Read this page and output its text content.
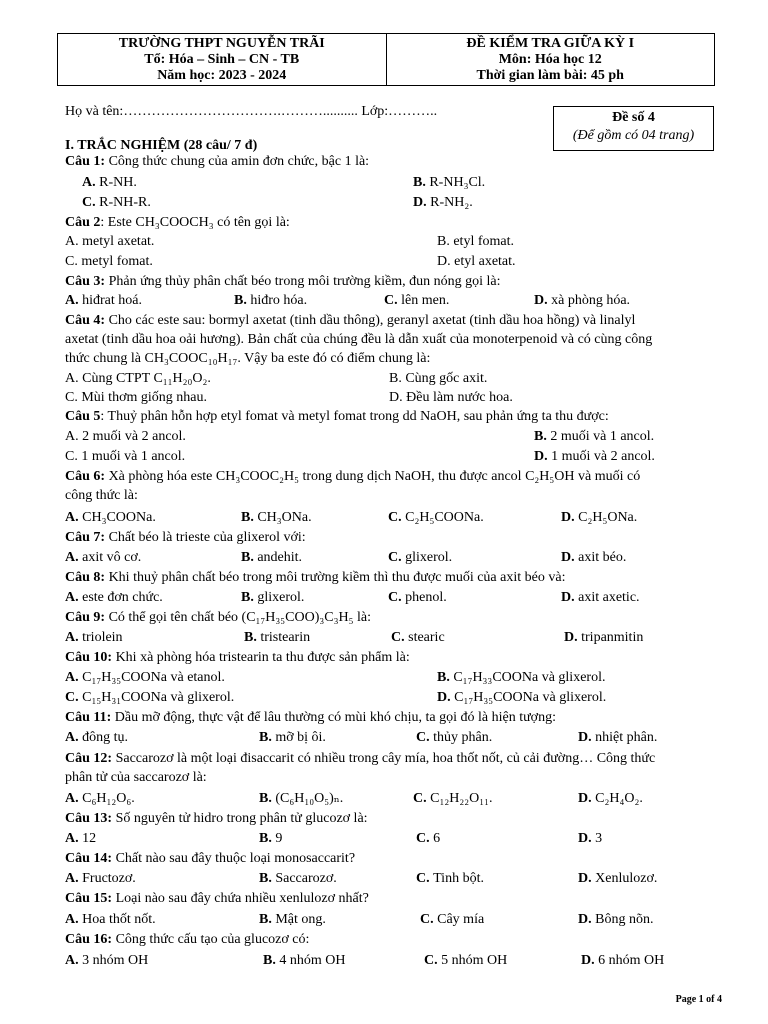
TRƯỜNG THPT NGUYỄN TRÃI
Tổ: Hóa – Sinh – CN - TB
Năm học: 2023 - 2024
ĐỀ KIỂM TRA GIỮA KỲ I
Môn: Hóa học 12
Thời gian làm bài: 45 ph
Họ và tên:…………………………….……….......... Lớp:………..	Đề số 4
(Để gồm có 04 trang)
I. TRẮC NGHIỆM (28 câu/ 7 đ)
Câu 1: Công thức chung của amin đơn chức, bậc 1 là:
A. R-NH.	B. R-NH₃Cl.
C. R-NH-R.	D. R-NH₂.
Câu 2: Este CH₃COOCH₃ có tên gọi là:
A. metyl axetat.	B. etyl fomat.
C. metyl fomat.	D. etyl axetat.
Câu 3: Phản ứng thủy phân chất béo trong môi trường kiềm, đun nóng gọi là:
A. hiđrat hoá.	B. hiđro hóa.	C. lên men.	D. xà phòng hóa.
Câu 4: Cho các este sau: bormyl axetat (tinh dầu thông), geranyl axetat (tinh dầu hoa hồng) và linalyl
axetat (tinh dầu hoa oải hương). Bản chất của chúng đều là dẫn xuất của monoterpenoid và có cùng công
thức chung là CH₃COOC₁₀H₁₇. Vậy ba este đó có điểm chung là:
A. Cùng CTPT C₁₁H₂₀O₂.	B. Cùng gốc axit.
C. Mùi thơm giống nhau.	D. Đều làm nước hoa.
Câu 5: Thuỷ phân hỗn hợp etyl fomat và metyl fomat trong dd NaOH, sau phản ứng ta thu được:
A. 2 muối và 2 ancol.	B. 2 muối và 1 ancol.
C. 1 muối và 1 ancol.	D. 1 muối và 2 ancol.
Câu 6: Xà phòng hóa este CH₃COOC₂H₅ trong dung dịch NaOH, thu được ancol C₂H₅OH và muối có
công thức là:
A. CH₃COONa.	B. CH₃ONa.	C. C₂H₅COONa.	D. C₂H₅ONa.
Câu 7: Chất béo là trieste của glixerol với:
A. axit vô cơ.	B. andehit.	C. glixerol.	D. axit béo.
Câu 8: Khi thuỷ phân chất béo trong môi trường kiềm thì thu được muối của axit béo và:
A. este đơn chức.	B. glixerol.	C. phenol.	D. axit axetic.
Câu 9: Có thể gọi tên chất béo (C₁₇H₃₅COO)₃C₃H₅ là:
A. triolein	B. tristearin	C. stearic	D. tripanmitin
Câu 10: Khi xà phòng hóa tristearin ta thu được sản phẩm là:
A. C₁₇H₃₅COONa và etanol.	B. C₁₇H₃₃COONa và glixerol.
C. C₁₅H₃₁COONa và glixerol.	D. C₁₇H₃₅COONa và glixerol.
Câu 11: Dầu mỡ động, thực vật để lâu thường có mùi khó chịu, ta gọi đó là hiện tượng:
A. đông tụ.	B. mỡ bị ôi.	C. thủy phân.	D. nhiệt phân.
Câu 12: Saccarozơ là một loại đisaccarit có nhiều trong cây mía, hoa thốt nốt, củ cải đường… Công thức
phân tử của saccarozơ là:
A. C₆H₁₂O₆.	B. (C₆H₁₀O₅)ₙ.	C. C₁₂H₂₂O₁₁.	D. C₂H₄O₂.
Câu 13: Số nguyên tử hidro trong phân tử glucozơ là:
A. 12	B. 9	C. 6	D. 3
Câu 14: Chất nào sau đây thuộc loại monosaccarit?
A. Fructozơ.	B. Saccarozơ.	C. Tinh bột.	D. Xenlulozơ.
Câu 15: Loại nào sau đây chứa nhiều xenlulozơ nhất?
A. Hoa thốt nốt.	B. Mật ong.	C. Cây mía	D. Bông nõn.
Câu 16: Công thức cấu tạo của glucozơ có:
A. 3 nhóm OH	B. 4 nhóm OH	C. 5 nhóm OH	D. 6 nhóm OH
Page 1 of 4
